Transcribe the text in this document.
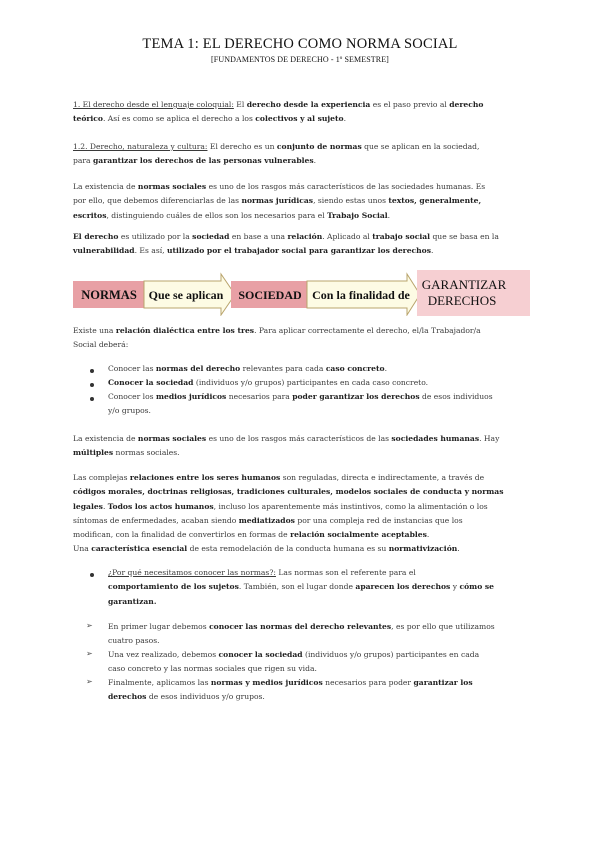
TEMA 1: EL DERECHO COMO NORMA SOCIAL
[FUNDAMENTOS DE DERECHO - 1º SEMESTRE]
1. El derecho desde el lenguaje coloquial: El derecho desde la experiencia es el paso previo al derecho
teórico. Así es como se aplica el derecho a los colectivos y al sujeto.
1.2. Derecho, naturaleza y cultura: El derecho es un conjunto de normas que se aplican en la sociedad,
para garantizar los derechos de las personas vulnerables.
La existencia de normas sociales es uno de los rasgos más característicos de las sociedades humanas. Es
por ello, que debemos diferenciarlas de las normas jurídicas, siendo estas unos textos, generalmente,
escritos, distinguiendo cuáles de ellos son los necesarios para el Trabajo Social.
El derecho es utilizado por la sociedad en base a una relación. Aplicado al trabajo social que se basa en la
vulnerabilidad. Es así, utilizado por el trabajador social para garantizar los derechos.
NORMAS Que se aplican SOCIEDAD Con la finalidad de
GARANTIZAR
DERECHOS
Existe una relación dialéctica entre los tres. Para aplicar correctamente el derecho, el/la Trabajador/a
Social deberá:
Conocer las normas del derecho relevantes para cada caso concreto.
Conocer la sociedad (individuos y/o grupos) participantes en cada caso concreto.
Conocer los medios jurídicos necesarios para poder garantizar los derechos de esos individuos
y/o grupos.
La existencia de normas sociales es uno de los rasgos más característicos de las sociedades humanas. Hay
múltiples normas sociales.
Las complejas relaciones entre los seres humanos son reguladas, directa e indirectamente, a través de
códigos morales, doctrinas religiosas, tradiciones culturales, modelos sociales de conducta y normas
legales. Todos los actos humanos, incluso los aparentemente más instintivos, como la alimentación o los
síntomas de enfermedades, acaban siendo mediatizados por una compleja red de instancias que los
modifican, con la finalidad de convertirlos en formas de relación socialmente aceptables.
Una característica esencial de esta remodelación de la conducta humana es su normativización.
¿Por qué necesitamos conocer las normas?: Las normas son el referente para el
comportamiento de los sujetos. También, son el lugar donde aparecen los derechos y cómo se
garantizan.
➢ En primer lugar debemos conocer las normas del derecho relevantes, es por ello que utilizamos
cuatro pasos.
➢ Una vez realizado, debemos conocer la sociedad (individuos y/o grupos) participantes en cada
caso concreto y las normas sociales que rigen su vida.
➢ Finalmente, aplicamos las normas y medios jurídicos necesarios para poder garantizar los
derechos de esos individuos y/o grupos.
